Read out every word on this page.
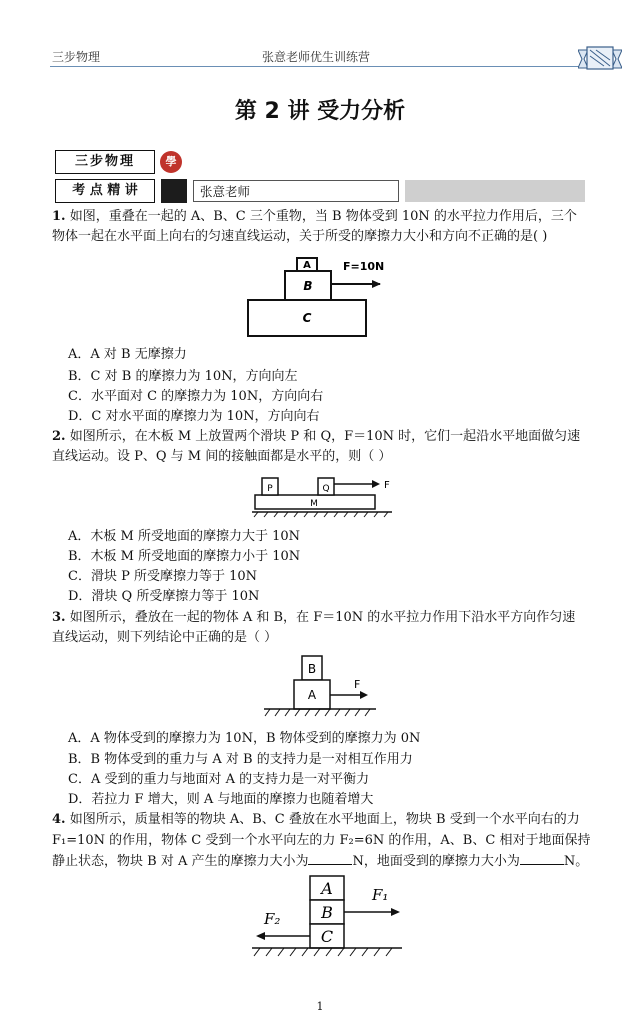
三步物理	张意老师优生训练营
第 2 讲 受力分析
三步物理	學
考 点 精 讲	张意老师
1. 如图，重叠在一起的 A、B、C 三个重物，当 B 物体受到 10N 的水平拉力作用后，三个
物体一起在水平面上向右的匀速直线运动，关于所受的摩擦力大小和方向不正确的是( )
A
B
C
F=10N
A．A 对 B 无摩擦力
B．C 对 B 的摩擦力为 10N，方向向左
C．水平面对 C 的摩擦力为 10N，方向向右
D．C 对水平面的摩擦力为 10N，方向向右
2. 如图所示，在木板 M 上放置两个滑块 P 和 Q，F＝10N 时，它们一起沿水平地面做匀速
直线运动。设 P、Q 与 M 间的接触面都是水平的，则（ ）
P	Q
M
F
A．木板 M 所受地面的摩擦力大于 10N
B．木板 M 所受地面的摩擦力小于 10N
C．滑块 P 所受摩擦力等于 10N
D．滑块 Q 所受摩擦力等于 10N
3. 如图所示，叠放在一起的物体 A 和 B，在 F＝10N 的水平拉力作用下沿水平方向作匀速
直线运动，则下列结论中正确的是（ ）
B
A
F
A．A 物体受到的摩擦力为 10N，B 物体受到的摩擦力为 0N
B．B 物体受到的重力与 A 对 B 的支持力是一对相互作用力
C．A 受到的重力与地面对 A 的支持力是一对平衡力
D．若拉力 F 增大，则 A 与地面的摩擦力也随着增大
4. 如图所示，质量相等的物块 A、B、C 叠放在水平地面上，物块 B 受到一个水平向右的力
F₁=10N 的作用，物体 C 受到一个水平向左的力 F₂=6N 的作用，A、B、C 相对于地面保持
静止状态，物块 B 对 A 产生的摩擦力大小为	N，地面受到的摩擦力大小为	N。
A
B
C
F₁
F₂
1
